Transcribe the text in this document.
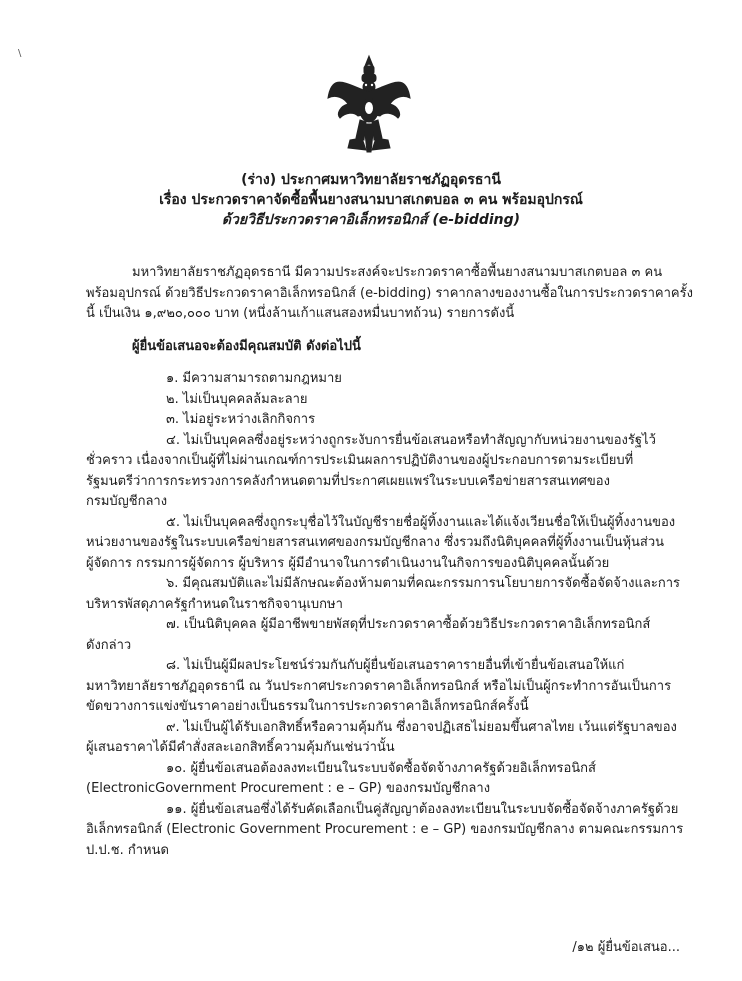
\
(ร่าง) ประกาศมหาวิทยาลัยราชภัฏอุดรธานี
เรื่อง ประกวดราคาจัดซื้อพื้นยางสนามบาสเกตบอล ๓ คน พร้อมอุปกรณ์
ด้วยวิธีประกวดราคาอิเล็กทรอนิกส์ (e-bidding)

มหาวิทยาลัยราชภัฏอุดรธานี มีความประสงค์จะประกวดราคาซื้อพื้นยางสนามบาสเกตบอล ๓ คน

พร้อมอุปกรณ์ ด้วยวิธีประกวดราคาอิเล็กทรอนิกส์ (e-bidding) ราคากลางของงานซื้อในการประกวดราคาครั้ง

นี้ เป็นเงิน ๑,๙๒๐,๐๐๐ บาท (หนึ่งล้านเก้าแสนสองหมื่นบาทถ้วน) รายการดังนี้

ผู้ยื่นข้อเสนอจะต้องมีคุณสมบัติ ดังต่อไปนี้

๑. มีความสามารถตามกฎหมาย

๒. ไม่เป็นบุคคลล้มละลาย

๓. ไม่อยู่ระหว่างเลิกกิจการ

๔. ไม่เป็นบุคคลซึ่งอยู่ระหว่างถูกระงับการยื่นข้อเสนอหรือทำสัญญากับหน่วยงานของรัฐไว้

ชั่วคราว เนื่องจากเป็นผู้ที่ไม่ผ่านเกณฑ์การประเมินผลการปฏิบัติงานของผู้ประกอบการตามระเบียบที่

รัฐมนตรีว่าการกระทรวงการคลังกำหนดตามที่ประกาศเผยแพร่ในระบบเครือข่ายสารสนเทศของ

กรมบัญชีกลาง

๕. ไม่เป็นบุคคลซึ่งถูกระบุชื่อไว้ในบัญชีรายชื่อผู้ทิ้งงานและได้แจ้งเวียนชื่อให้เป็นผู้ทิ้งงานของ

หน่วยงานของรัฐในระบบเครือข่ายสารสนเทศของกรมบัญชีกลาง ซึ่งรวมถึงนิติบุคคลที่ผู้ทิ้งงานเป็นหุ้นส่วน

ผู้จัดการ กรรมการผู้จัดการ ผู้บริหาร ผู้มีอำนาจในการดำเนินงานในกิจการของนิติบุคคลนั้นด้วย

๖. มีคุณสมบัติและไม่มีลักษณะต้องห้ามตามที่คณะกรรมการนโยบายการจัดซื้อจัดจ้างและการ

บริหารพัสดุภาครัฐกำหนดในราชกิจจานุเบกษา

๗. เป็นนิติบุคคล ผู้มีอาชีพขายพัสดุที่ประกวดราคาซื้อด้วยวิธีประกวดราคาอิเล็กทรอนิกส์

ดังกล่าว

๘. ไม่เป็นผู้มีผลประโยชน์ร่วมกันกับผู้ยื่นข้อเสนอราคารายอื่นที่เข้ายื่นข้อเสนอให้แก่

มหาวิทยาลัยราชภัฏอุดรธานี ณ วันประกาศประกวดราคาอิเล็กทรอนิกส์ หรือไม่เป็นผู้กระทำการอันเป็นการ

ขัดขวางการแข่งขันราคาอย่างเป็นธรรมในการประกวดราคาอิเล็กทรอนิกส์ครั้งนี้

๙. ไม่เป็นผู้ได้รับเอกสิทธิ์หรือความคุ้มกัน ซึ่งอาจปฏิเสธไม่ยอมขึ้นศาลไทย เว้นแต่รัฐบาลของ

ผู้เสนอราคาได้มีคำสั่งสละเอกสิทธิ์ความคุ้มกันเช่นว่านั้น

๑๐. ผู้ยื่นข้อเสนอต้องลงทะเบียนในระบบจัดซื้อจัดจ้างภาครัฐด้วยอิเล็กทรอนิกส์

(ElectronicGovernment Procurement : e – GP) ของกรมบัญชีกลาง

๑๑. ผู้ยื่นข้อเสนอซึ่งได้รับคัดเลือกเป็นคู่สัญญาต้องลงทะเบียนในระบบจัดซื้อจัดจ้างภาครัฐด้วย

อิเล็กทรอนิกส์ (Electronic Government Procurement : e – GP) ของกรมบัญชีกลาง ตามคณะกรรมการ

ป.ป.ช. กำหนด

/๑๒ ผู้ยื่นข้อเสนอ...
